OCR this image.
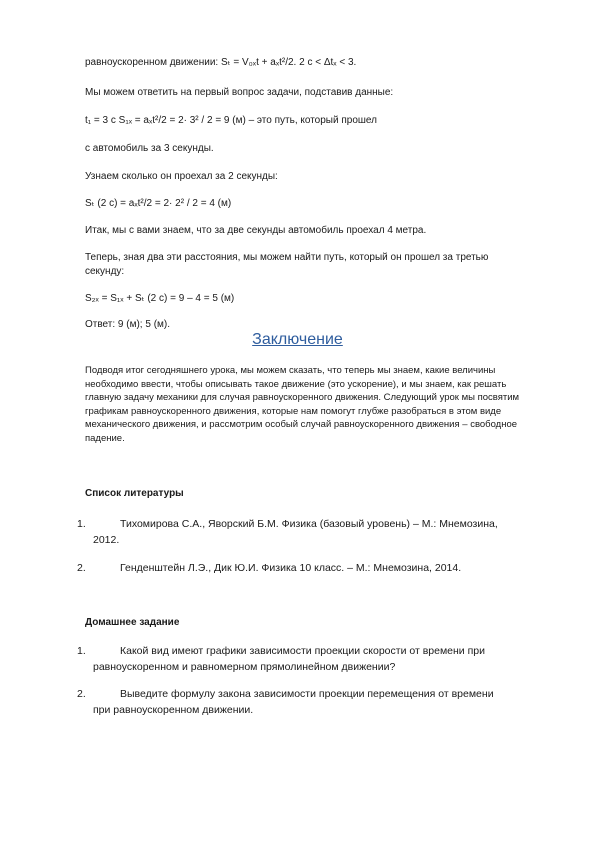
равноускоренном движении: Sₜ = V₀ₓt + aₓt²/2. 2 с < Δtₓ < 3.

Мы можем ответить на первый вопрос задачи, подставив данные:

t₁ = 3 с S₁ₓ = aₓt²/2 = 2· 3² / 2 = 9 (м) – это путь, который прошел

с автомобиль за 3 секунды.

Узнаем сколько он проехал за 2 секунды:

Sₜ (2 с) = aₓt²/2 = 2· 2² / 2 = 4 (м)

Итак, мы с вами знаем, что за две секунды автомобиль проехал 4 метра.

Теперь, зная два эти расстояния, мы можем найти путь, который он прошел за третью секунду:

S₂ₓ = S₁ₓ + Sₜ (2 с) = 9 – 4 = 5 (м)

Ответ: 9 (м); 5 (м).

Заключение

Подводя итог сегодняшнего урока, мы можем сказать, что теперь мы знаем, какие величины необходимо ввести, чтобы описывать такое движение (это ускорение), и мы знаем, как решать главную задачу механики для случая равноускоренного движения. Следующий урок мы посвятим графикам равноускоренного движения, которые нам помогут глубже разобраться в этом виде механического движения, и рассмотрим особый случай равноускоренного движения – свободное падение.

Список литературы

1.	Тихомирова С.А., Яворский Б.М. Физика (базовый уровень) – М.: Мнемозина, 2012.
2.	Генденштейн Л.Э., Дик Ю.И. Физика 10 класс. – М.: Мнемозина, 2014.

Домашнее задание

1.	Какой вид имеют графики зависимости проекции скорости от времени при равноускоренном и равномерном прямолинейном движении?
2.	Выведите формулу закона зависимости проекции перемещения от времени при равноускоренном движении.
